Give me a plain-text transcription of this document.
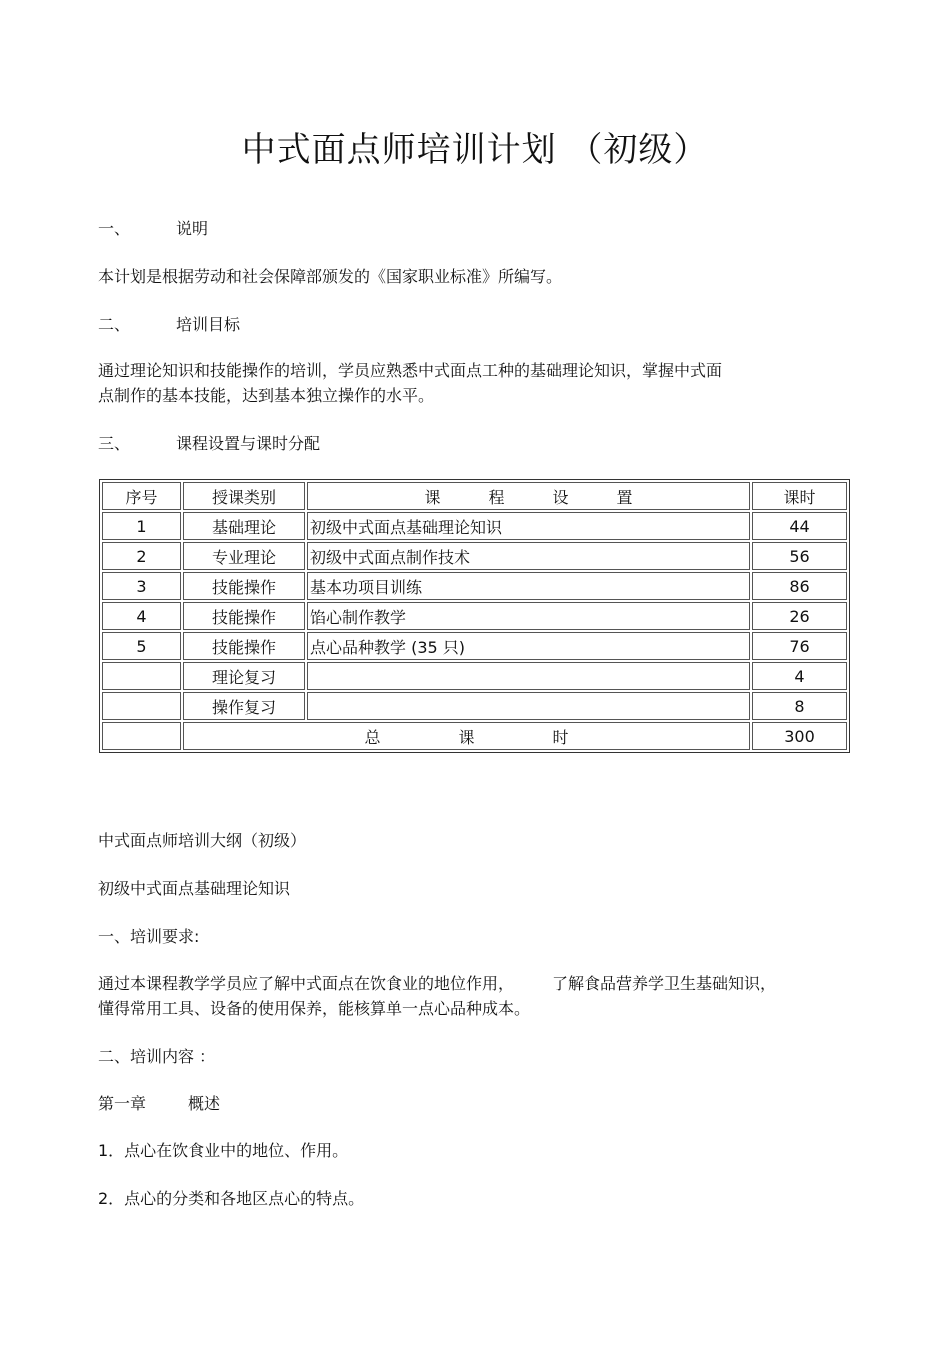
中式面点师培训计划 （初级）
一、	说明
本计划是根据劳动和社会保障部颁发的《国家职业标准》所编写。
二、	培训目标
通过理论知识和技能操作的培训，学员应熟悉中式面点工种的基础理论知识，掌握中式面
点制作的基本技能，达到基本独立操作的水平。
三、	课程设置与课时分配
序号	授课类别	课 程 设 置	课时
1	基础理论	初级中式面点基础理论知识	44
2	专业理论	初级中式面点制作技术	56
3	技能操作	基本功项目训练	86
4	技能操作	馅心制作教学	26
5	技能操作	点心品种教学 (35 只)	76
	理论复习		4
	操作复习		8
	总 课 时		300
中式面点师培训大纲（初级）
初级中式面点基础理论知识
一、培训要求:
通过本课程教学学员应了解中式面点在饮食业的地位作用， 了解食品营养学卫生基础知识，
懂得常用工具、设备的使用保养，能核算单一点心品种成本。
二、培训内容 ：
第一章	概述
1．点心在饮食业中的地位、作用。
2．点心的分类和各地区点心的特点。
